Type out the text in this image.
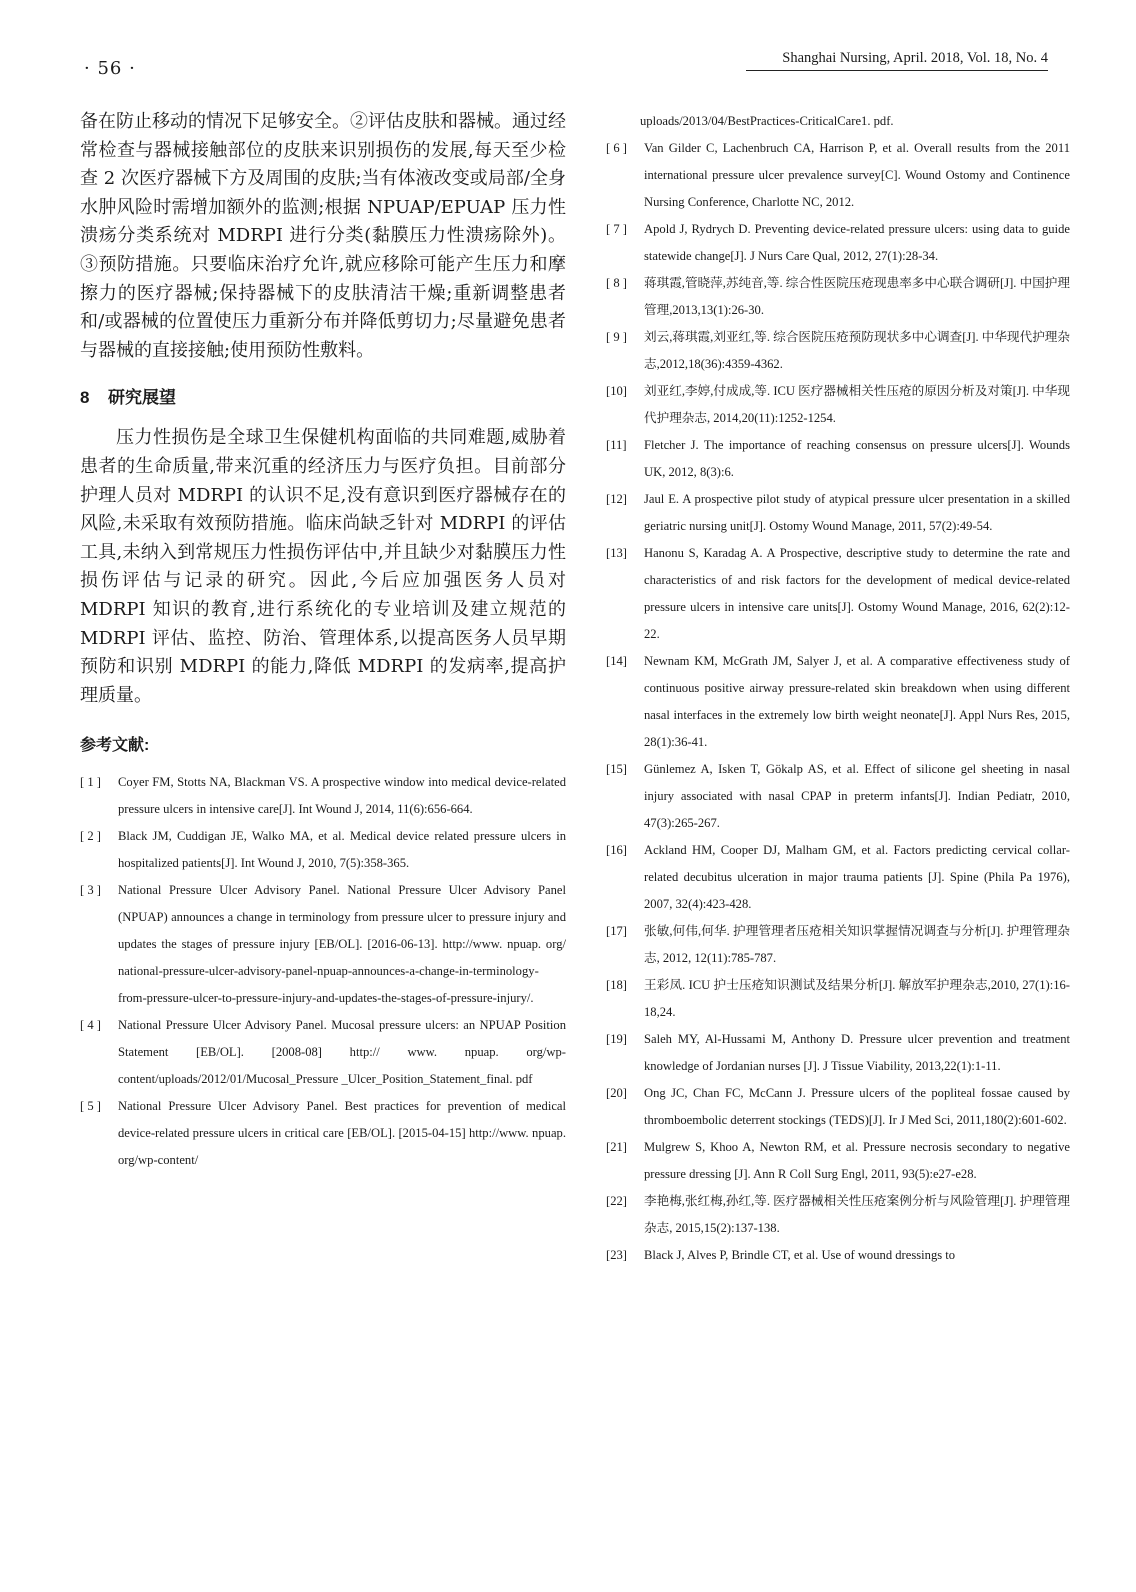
· 56 ·	Shanghai Nursing, April. 2018, Vol. 18, No. 4

备在防止移动的情况下足够安全。②评估皮肤和器械。通过经常检查与器械接触部位的皮肤来识别损伤的发展,每天至少检查 2 次医疗器械下方及周围的皮肤;当有体液改变或局部/全身水肿风险时需增加额外的监测;根据 NPUAP/EPUAP 压力性溃疡分类系统对 MDRPI 进行分类(黏膜压力性溃疡除外)。③预防措施。只要临床治疗允许,就应移除可能产生压力和摩擦力的医疗器械;保持器械下的皮肤清洁干燥;重新调整患者和/或器械的位置使压力重新分布并降低剪切力;尽量避免患者与器械的直接接触;使用预防性敷料。

8 研究展望

压力性损伤是全球卫生保健机构面临的共同难题,威胁着患者的生命质量,带来沉重的经济压力与医疗负担。目前部分护理人员对 MDRPI 的认识不足,没有意识到医疗器械存在的风险,未采取有效预防措施。临床尚缺乏针对 MDRPI 的评估工具,未纳入到常规压力性损伤评估中,并且缺少对黏膜压力性损伤评估与记录的研究。因此,今后应加强医务人员对 MDRPI 知识的教育,进行系统化的专业培训及建立规范的 MDRPI 评估、监控、防治、管理体系,以提高医务人员早期预防和识别 MDRPI 的能力,降低 MDRPI 的发病率,提高护理质量。

参考文献:
[ 1 ]	Coyer FM, Stotts NA, Blackman VS. A prospective window into medical device-related pressure ulcers in intensive care[J]. Int Wound J, 2014, 11(6):656-664.
[ 2 ]	Black JM, Cuddigan JE, Walko MA, et al. Medical device related pressure ulcers in hospitalized patients[J]. Int Wound J, 2010, 7(5):358-365.
[ 3 ]	National Pressure Ulcer Advisory Panel. National Pressure Ulcer Advisory Panel (NPUAP) announces a change in terminology from pressure ulcer to pressure injury and updates the stages of pressure injury [EB/OL]. [2016-06-13]. http://www. npuap. org/ national-pressure-ulcer-advisory-panel-npuap-announces-a-change-in-terminology-from-pressure-ulcer-to-pressure-injury-and-updates-the-stages-of-pressure-injury/.
[ 4 ]	National Pressure Ulcer Advisory Panel. Mucosal pressure ulcers: an NPUAP Position Statement [EB/OL]. [2008-08] http:// www. npuap. org/wp-content/uploads/2012/01/Mucosal_Pressure _Ulcer_Position_Statement_final. pdf
[ 5 ]	National Pressure Ulcer Advisory Panel. Best practices for prevention of medical device-related pressure ulcers in critical care [EB/OL]. [2015-04-15] http://www. npuap. org/wp-content/
uploads/2013/04/BestPractices-CriticalCare1. pdf.
[ 6 ]	Van Gilder C, Lachenbruch CA, Harrison P, et al. Overall results from the 2011 international pressure ulcer prevalence survey[C]. Wound Ostomy and Continence Nursing Conference, Charlotte NC, 2012.
[ 7 ]	Apold J, Rydrych D. Preventing device-related pressure ulcers: using data to guide statewide change[J]. J Nurs Care Qual, 2012, 27(1):28-34.
[ 8 ]	蒋琪霞,管晓萍,苏纯音,等. 综合性医院压疮现患率多中心联合调研[J]. 中国护理管理,2013,13(1):26-30.
[ 9 ]	刘云,蒋琪霞,刘亚红,等. 综合医院压疮预防现状多中心调查[J]. 中华现代护理杂志,2012,18(36):4359-4362.
[10]	刘亚红,李婷,付成成,等. ICU 医疗器械相关性压疮的原因分析及对策[J]. 中华现代护理杂志, 2014,20(11):1252-1254.
[11]	Fletcher J. The importance of reaching consensus on pressure ulcers[J]. Wounds UK, 2012, 8(3):6.
[12]	Jaul E. A prospective pilot study of atypical pressure ulcer presentation in a skilled geriatric nursing unit[J]. Ostomy Wound Manage, 2011, 57(2):49-54.
[13]	Hanonu S, Karadag A. A Prospective, descriptive study to determine the rate and characteristics of and risk factors for the development of medical device-related pressure ulcers in intensive care units[J]. Ostomy Wound Manage, 2016, 62(2):12-22.
[14]	Newnam KM, McGrath JM, Salyer J, et al. A comparative effectiveness study of continuous positive airway pressure-related skin breakdown when using different nasal interfaces in the extremely low birth weight neonate[J]. Appl Nurs Res, 2015, 28(1):36-41.
[15]	Günlemez A, Isken T, Gökalp AS, et al. Effect of silicone gel sheeting in nasal injury associated with nasal CPAP in preterm infants[J]. Indian Pediatr, 2010, 47(3):265-267.
[16]	Ackland HM, Cooper DJ, Malham GM, et al. Factors predicting cervical collar-related decubitus ulceration in major trauma patients [J]. Spine (Phila Pa 1976), 2007, 32(4):423-428.
[17]	张敏,何伟,何华. 护理管理者压疮相关知识掌握情况调查与分析[J]. 护理管理杂志, 2012, 12(11):785-787.
[18]	王彩凤. ICU 护士压疮知识测试及结果分析[J]. 解放军护理杂志,2010, 27(1):16-18,24.
[19]	Saleh MY, Al-Hussami M, Anthony D. Pressure ulcer prevention and treatment knowledge of Jordanian nurses [J]. J Tissue Viability, 2013,22(1):1-11.
[20]	Ong JC, Chan FC, McCann J. Pressure ulcers of the popliteal fossae caused by thromboembolic deterrent stockings (TEDS)[J]. Ir J Med Sci, 2011,180(2):601-602.
[21]	Mulgrew S, Khoo A, Newton RM, et al. Pressure necrosis secondary to negative pressure dressing [J]. Ann R Coll Surg Engl, 2011, 93(5):e27-e28.
[22]	李艳梅,张红梅,孙红,等. 医疗器械相关性压疮案例分析与风险管理[J]. 护理管理杂志, 2015,15(2):137-138.
[23]	Black J, Alves P, Brindle CT, et al. Use of wound dressings to
